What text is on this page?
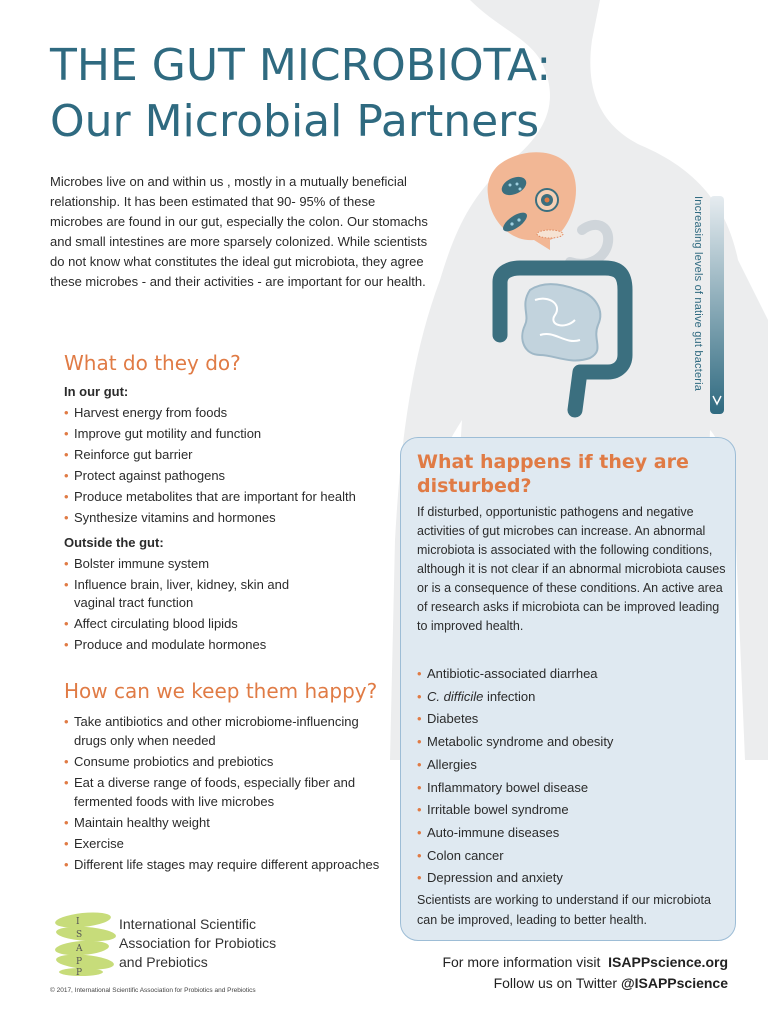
THE GUT MICROBIOTA:
Our Microbial Partners

Microbes live on and within us , mostly in a mutually beneficial relationship. It has been estimated that 90- 95% of these microbes are found in our gut, especially the colon. Our stomachs and small intestines are more sparsely colonized. While scientists do not know what constitutes the ideal gut microbiota, they agree these microbes - and their activities - are important for our health.	Increasing levels of native gut bacteria
What do they do?
In our gut:
• Harvest energy from foods
• Improve gut motility and function
• Reinforce gut barrier
• Protect against pathogens
• Produce metabolites that are important for health
• Synthesize vitamins and hormones
Outside the gut:
• Bolster immune system
• Influence brain, liver, kidney, skin and vaginal tract function
• Affect circulating blood lipids
• Produce and modulate hormones
How can we keep them happy?
• Take antibiotics and other microbiome-influencing drugs only when needed
• Consume probiotics and prebiotics
• Eat a diverse range of foods, especially fiber and fermented foods with live microbes
• Maintain healthy weight
• Exercise
• Different life stages may require different approaches
What happens if they are disturbed?

If disturbed, opportunistic pathogens and negative activities of gut microbes can increase. An abnormal microbiota is associated with the following conditions, although it is not clear if an abnormal microbiota causes or is a consequence of these conditions. An active area of research asks if microbiota can be improved leading to improved health.

• Antibiotic-associated diarrhea
• C. difficile infection
• Diabetes
• Metabolic syndrome and obesity
• Allergies
• Inflammatory bowel disease
• Irritable bowel syndrome
• Auto-immune diseases
• Colon cancer
• Depression and anxiety

Scientists are working to understand if our microbiota can be improved, leading to better health.

I
S
A
P
P
International Scientific
Association for Probiotics
and Prebiotics
© 2017, International Scientific Association for Probiotics and Prebiotics
For more information visit ISAPPscience.org
Follow us on Twitter @ISAPPscience
